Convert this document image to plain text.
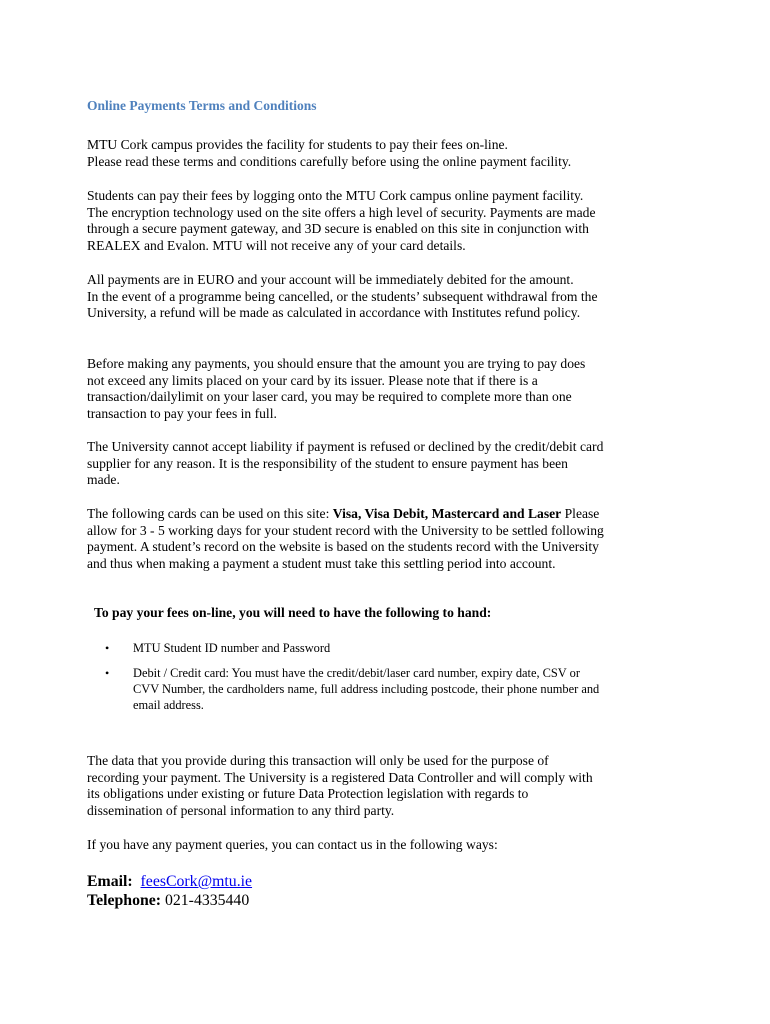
Online Payments Terms and Conditions
MTU Cork campus provides the facility for students to pay their fees on-line.
Please read these terms and conditions carefully before using the online payment facility.
Students can pay their fees by logging onto the MTU Cork campus online payment facility.
The encryption technology used on the site offers a high level of security. Payments are made
through a secure payment gateway, and 3D secure is enabled on this site in conjunction with
REALEX and Evalon. MTU will not receive any of your card details.
All payments are in EURO and your account will be immediately debited for the amount.
In the event of a programme being cancelled, or the students’ subsequent withdrawal from the
University, a refund will be made as calculated in accordance with Institutes refund policy.
Before making any payments, you should ensure that the amount you are trying to pay does
not exceed any limits placed on your card by its issuer. Please note that if there is a
transaction/dailylimit on your laser card, you may be required to complete more than one
transaction to pay your fees in full.
The University cannot accept liability if payment is refused or declined by the credit/debit card
supplier for any reason. It is the responsibility of the student to ensure payment has been
made.
The following cards can be used on this site: Visa, Visa Debit, Mastercard and Laser Please
allow for 3 - 5 working days for your student record with the University to be settled following
payment. A student’s record on the website is based on the students record with the University
and thus when making a payment a student must take this settling period into account.
To pay your fees on-line, you will need to have the following to hand:
• MTU Student ID number and Password
• Debit / Credit card: You must have the credit/debit/laser card number, expiry date, CSV or
CVV Number, the cardholders name, full address including postcode, their phone number and
email address.
The data that you provide during this transaction will only be used for the purpose of
recording your payment. The University is a registered Data Controller and will comply with
its obligations under existing or future Data Protection legislation with regards to
dissemination of personal information to any third party.
If you have any payment queries, you can contact us in the following ways:
Email: feesCork@mtu.ie
Telephone: 021-4335440
